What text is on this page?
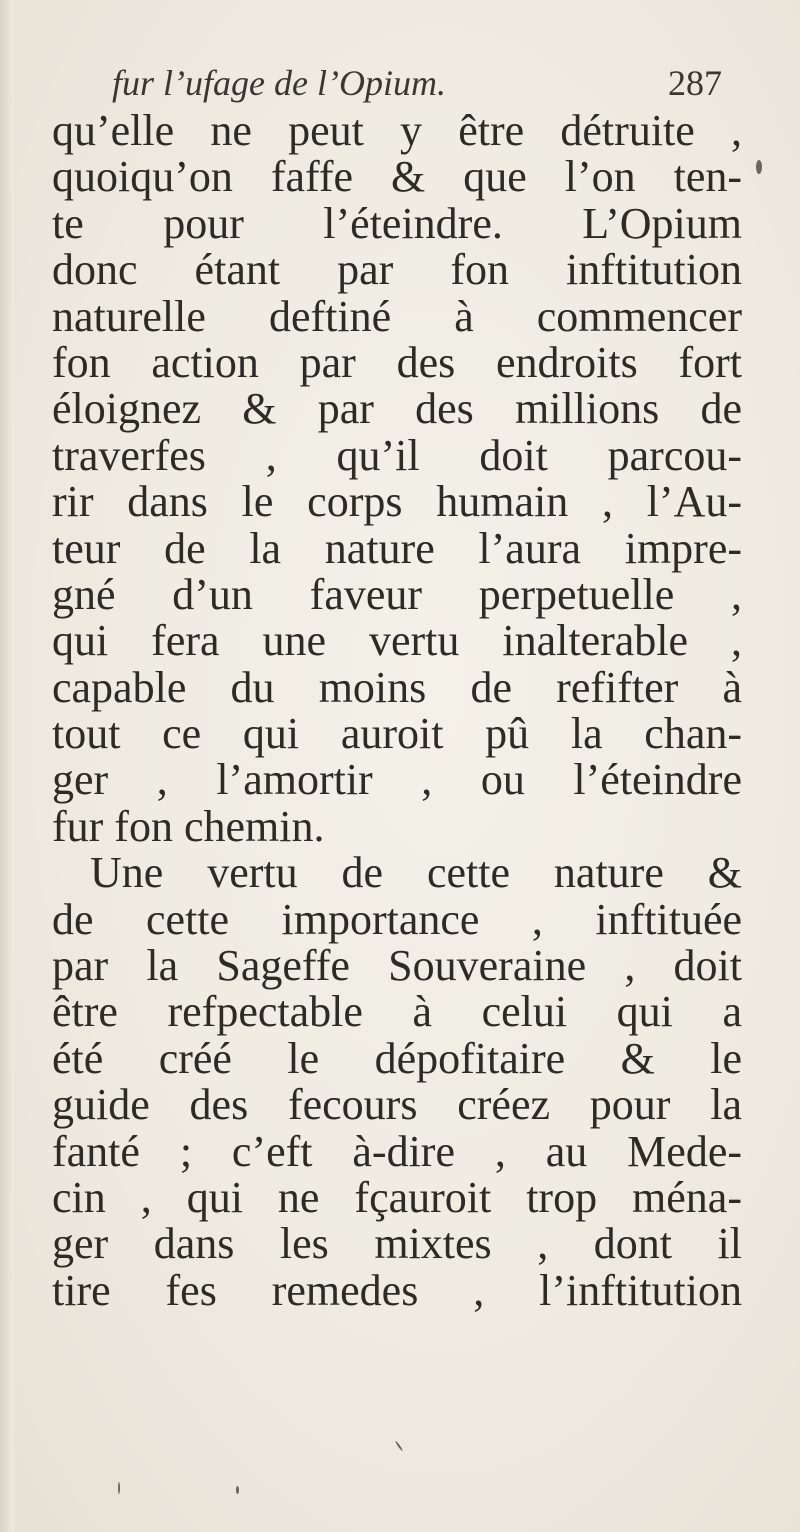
fur l’ufage de l’Opium.	287
qu’elle ne peut y être détruite ,
quoiqu’on faffe & que l’on ten-
te pour l’éteindre. L’Opium
donc étant par fon inftitution
naturelle deftiné à commencer
fon action par des endroits fort
éloignez & par des millions de
traverfes , qu’il doit parcou-
rir dans le corps humain , l’Au-
teur de la nature l’aura impre-
gné d’un faveur perpetuelle ,
qui fera une vertu inalterable ,
capable du moins de refifter à
tout ce qui auroit pû la chan-
ger , l’amortir , ou l’éteindre
fur fon chemin.
Une vertu de cette nature &
de cette importance , inftituée
par la Sageffe Souveraine , doit
être refpectable à celui qui a
été créé le dépofitaire & le
guide des fecours créez pour la
fanté ; c’eft à-dire , au Mede-
cin , qui ne fçauroit trop ména-
ger dans les mixtes , dont il
tire fes remedes , l’inftitution
